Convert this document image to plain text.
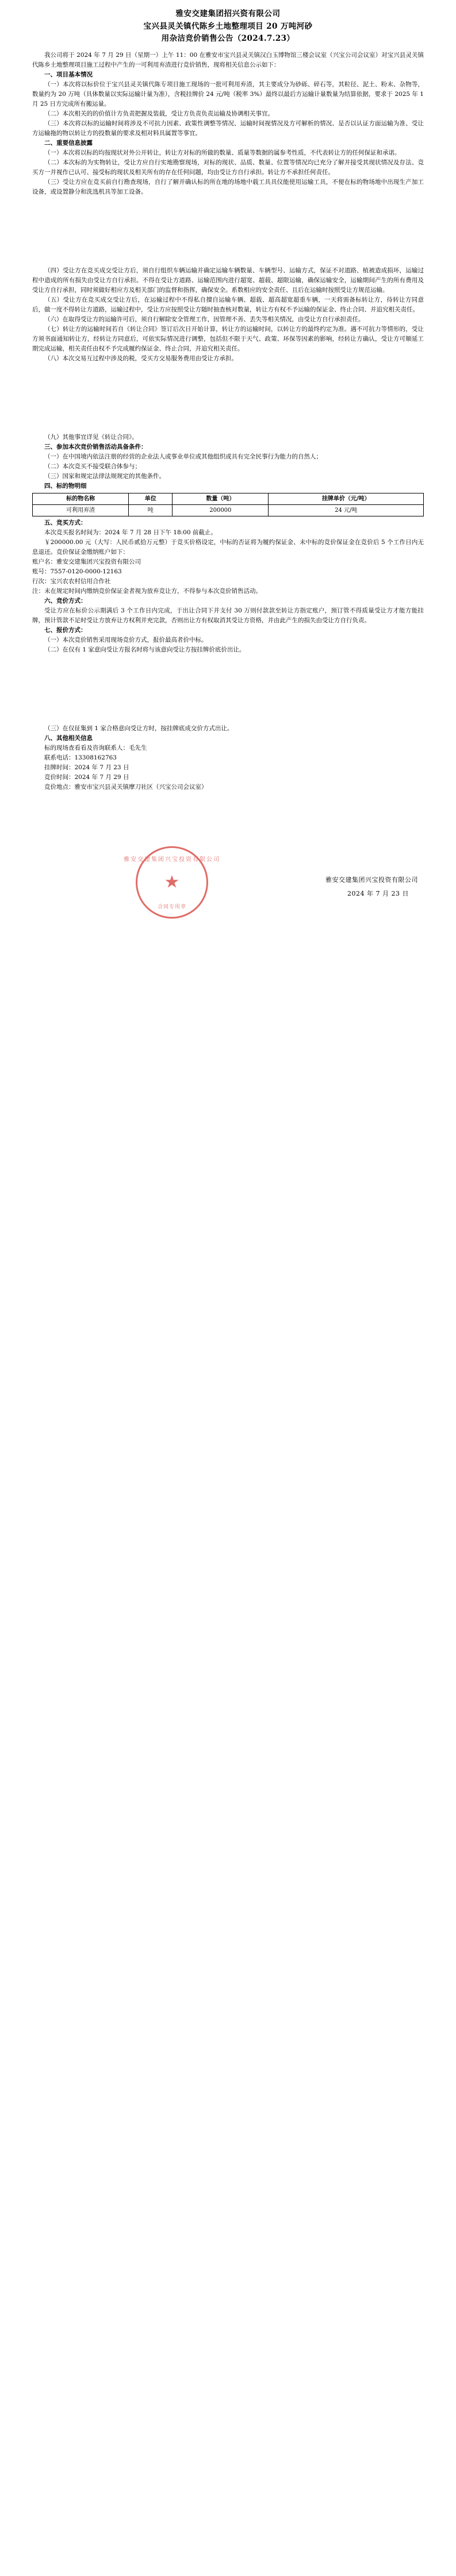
雅安交建集团招兴资有限公司
宝兴县灵关镇代陈乡土地整理项目 20 万吨河砂
用杂洁竞价销售公告（2024.7.23）

我公司将于 2024 年 7 月 29 日（星期一）上午 11：00 在雅安市宝兴县灵关镇汉白玉博物馆三楼会议室（兴宝公司会议室）对宝兴县灵关镇代陈乡土地整理项目施工过程中产生的一可利用弃渣进行竞价销售，现将相关信息公示如下：

一、项目基本情况

（一）本次将以标价位于宝兴县灵关镇代陈专项目施工现场的一批可利用弃渣，其主要成分为砂砾、碎石等，其粒径、泥土、粉末、杂物等，数量约为 20 万吨（具体数量以实际运输计量为准），含税挂牌价 24 元/吨（税率 3%）最终以最后方运输计量数量为结算依据，要求于 2025 年 1 月 25 日方完成所有搬运量。

（二）本次相关的的价值计方负责把握及装载，受让方负责负责运输及协调相关事宜。

（三）本次将以标的运输时间将涉及不可抗力因素、政策性调整等情况、运输时间视情况及方可解析的情况、是否以认证方面运输为准、受让方运输拖的物以转让方的投数量的要求及相对料具属置等事宜。

二、重要信息披露

（一）本次将以标的均按现状对外公开转让，转让方对标的所做的数量、质量等数据的属参考性质，不代表转让方的任何保证和承诺。

（二）本次标的为实物转让，受让方应自行实地勘察现场，对标的现状、品质、数量、位置等情况均已充分了解并接受其现状情况及存法、竞买方一并视作已认可、接受标的现状及相关所有的存在任何问题，均由受让方自行承担。转让方不承担任何责任。

（三）受让方应在竞买前自行勘查现场，自行了解并确认标的所在地的场地中载工具具仪能使用运输工具，不便在标的物场地中出现生产加工设备，或设置静分和洗选机具等加工设备。

（四）受让方在竞买成交受让方后，须自行组织车辆运输并确定运输车辆数量、车辆型号、运输方式，保证不对道路、植被造成损坏，运输过程中造成的所有损失由受让方自行承担。不得在受让方道路、运输范围内进行超宽、超载、超限运输，确保运输安全，运输期间产生的所有费用及受让方自行承担，同时须做好相应方及相关部门的监督和指挥，确保安全。系数相应的安全责任、且后在运输时按照受让方规范运输。

（五）受让方在竞买成交受让方后，在运输过程中不得私自擅自运输车辆、超载、超高超宽超重车辆，一天将需备标转让方，待转让方同意后，做一度不得转让方道路，运输过程中，受让方应按照受让方随时抽查核对数量，转让方有权不予运输的保证金、终止合同、并追究相关责任。

（六）在取得受让方的运输许可后，须自行解除安全管理工作，因管理不善、丢失等相关情况，由受让方自行承担责任。

（七）转让方的运输时间若自《转让合同》签订后次日开始计算，转让方的运输时间，以转让方的最终约定为准。遇不可抗力等情形的，受让方须书面通知转让方，经转让方同意后，可依实际情况进行调整，包括但不限于天气、政策、环保等因素的影响，经转让方确认，受让方可顺延工期完成运输，相关责任由权不予完成履约保证金、终止合同，并追究相关责任。

（八）本次交易互过程中涉及的税，受买方交易服务费用由受让方承担。

（九）其他事宜详见《转让合同》。

三、参加本次竞价销售活动具备条件：

（一）在中国境内依法注册的经营的企业法人或事业单位或其他组织或具有完全民事行为能力的自然人；

（二）本次竞买不接受联合体参与；

（三）国家和规定法律法规规定的其他条件。

四、标的物明细

标的物名称	单位	数量（吨）	挂牌单价（元/吨）
可利用弃渣	吨	200000	24 元/吨

五、竞买方式：

本次竞买报名时间为：2024 年 7 月 28 日下午 18:00 前截止。

￥200000.00 元（大写：人民币贰拾万元整）于竞买价格设定，中标的否证将为履约保证金、未中标的竞价保证金在竞价后 5 个工作日内无息退还。竞价保证金缴纳账户如下：

账户名：雅安交建集团兴宝投资有限公司

账号：7557-0120-0000-12163

行次：宝兴农农村信用合作社

注：未在规定时间内缴纳竞价保证金者视为放弃竞让方，不得参与本次竞价销售活动。

六、竞价方式：

受让方应在标价公示期满后 3 个工作日内完成，于出让合同下并支付 30 万则付款款至转让方指定账户，预订管不得质量受让方才能方能挂牌，预计管款不足时受让方放弃让方权利并充完款，否则出让方有权取消其受让方资格，并由此产生的损失由受让方自行负责。

七、报价方式：

（一）本次竞价销售采用现场竞价方式，报价最高者价中标。

（二）在仅有 1 家意向受让方报名时将与该意向受让方按挂牌价底价出让。

（三）在仅征集到 1 家合格意向受让方时，按挂牌底成交价方式出让。

八、其他相关信息

标的现场查看看及咨询联系人：毛先生

联系电话：13308162763

挂牌时间：2024 年 7 月 23 日

竞价时间：2024 年 7 月 29 日

竞价地点：雅安市宝兴县灵关镇摩刀社区（兴宝公司会议室）

雅安交建集团兴宝投资有限公司
★
合同专用章
雅安交建集团兴宝投资有限公司
2024 年 7 月 23 日
